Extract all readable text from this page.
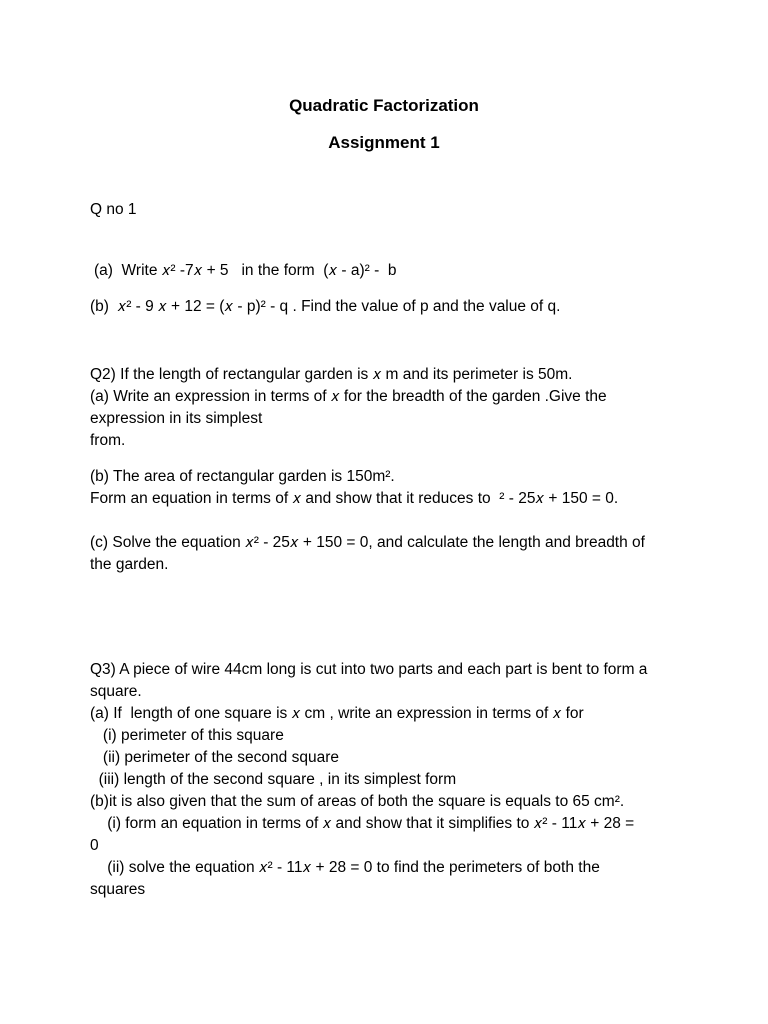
Quadratic Factorization

Assignment 1

Q no 1

(a)  Write 𝑥² -7𝑥 + 5   in the form  (𝑥 - a)² -  b

(b)  𝑥² - 9 𝑥 + 12 = (𝑥 - p)² - q . Find the value of p and the value of q.

Q2) If the length of rectangular garden is 𝑥 m and its perimeter is 50m.

(a) Write an expression in terms of 𝑥 for the breadth of the garden .Give the

expression in its simplest

from.

(b) The area of rectangular garden is 150m².

Form an equation in terms of 𝑥 and show that it reduces to  ² - 25𝑥 + 150 = 0.

(c) Solve the equation 𝑥² - 25𝑥 + 150 = 0, and calculate the length and breadth of

the garden.

Q3) A piece of wire 44cm long is cut into two parts and each part is bent to form a

square.

(a) If  length of one square is 𝑥 cm , write an expression in terms of 𝑥 for

(i) perimeter of this square

(ii) perimeter of the second square

(iii) length of the second square , in its simplest form

(b)it is also given that the sum of areas of both the square is equals to 65 cm².

(i) form an equation in terms of 𝑥 and show that it simplifies to 𝑥² - 11𝑥 + 28 =

0

(ii) solve the equation 𝑥² - 11𝑥 + 28 = 0 to find the perimeters of both the

squares
